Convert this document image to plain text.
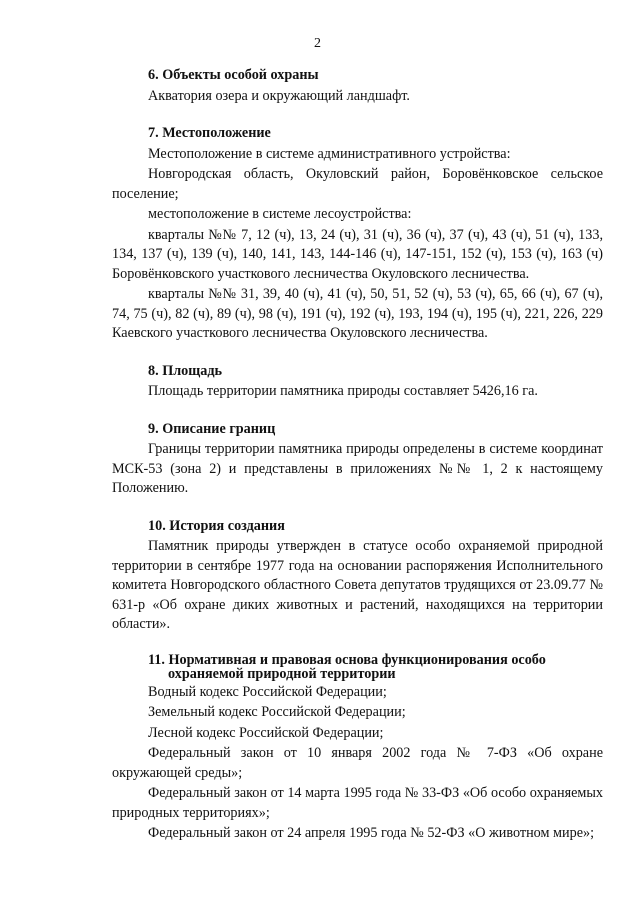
2
6. Объекты особой охраны

Акватория озера и окружающий ландшафт.

7. Местоположение

Местоположение в системе административного устройства:

Новгородская область, Окуловский район, Боровёнковское сельское поселение;

местоположение в системе лесоустройства:

кварталы №№ 7, 12 (ч), 13, 24 (ч), 31 (ч), 36 (ч), 37 (ч), 43 (ч), 51 (ч), 133, 134, 137 (ч), 139 (ч), 140, 141, 143, 144-146 (ч), 147-151, 152 (ч), 153 (ч), 163 (ч) Боровёнковского участкового лесничества Окуловского лесничества.

кварталы №№ 31, 39, 40 (ч), 41 (ч), 50, 51, 52 (ч), 53 (ч), 65, 66 (ч), 67 (ч), 74, 75 (ч), 82 (ч), 89 (ч), 98 (ч), 191 (ч), 192 (ч), 193, 194 (ч), 195 (ч), 221, 226, 229 Каевского участкового лесничества Окуловского лесничества.

8. Площадь

Площадь территории памятника природы составляет 5426,16 га.

9. Описание границ

Границы территории памятника природы определены в системе координат МСК-53 (зона 2) и представлены в приложениях №№ 1, 2 к настоящему Положению.

10. История создания

Памятник природы утвержден в статусе особо охраняемой природной территории в сентябре 1977 года на основании распоряжения Исполнительного комитета Новгородского областного Совета депутатов трудящихся от 23.09.77 № 631-р «Об охране диких животных и растений, находящихся на территории области».

11. Нормативная и правовая основа функционирования особо
охраняемой природной территории

Водный кодекс Российской Федерации;

Земельный кодекс Российской Федерации;

Лесной кодекс Российской Федерации;

Федеральный закон от 10 января 2002 года № 7-ФЗ «Об охране окружающей среды»;

Федеральный закон от 14 марта 1995 года № 33-ФЗ «Об особо охраняемых природных территориях»;

Федеральный закон от 24 апреля 1995 года № 52-ФЗ «О животном мире»;
